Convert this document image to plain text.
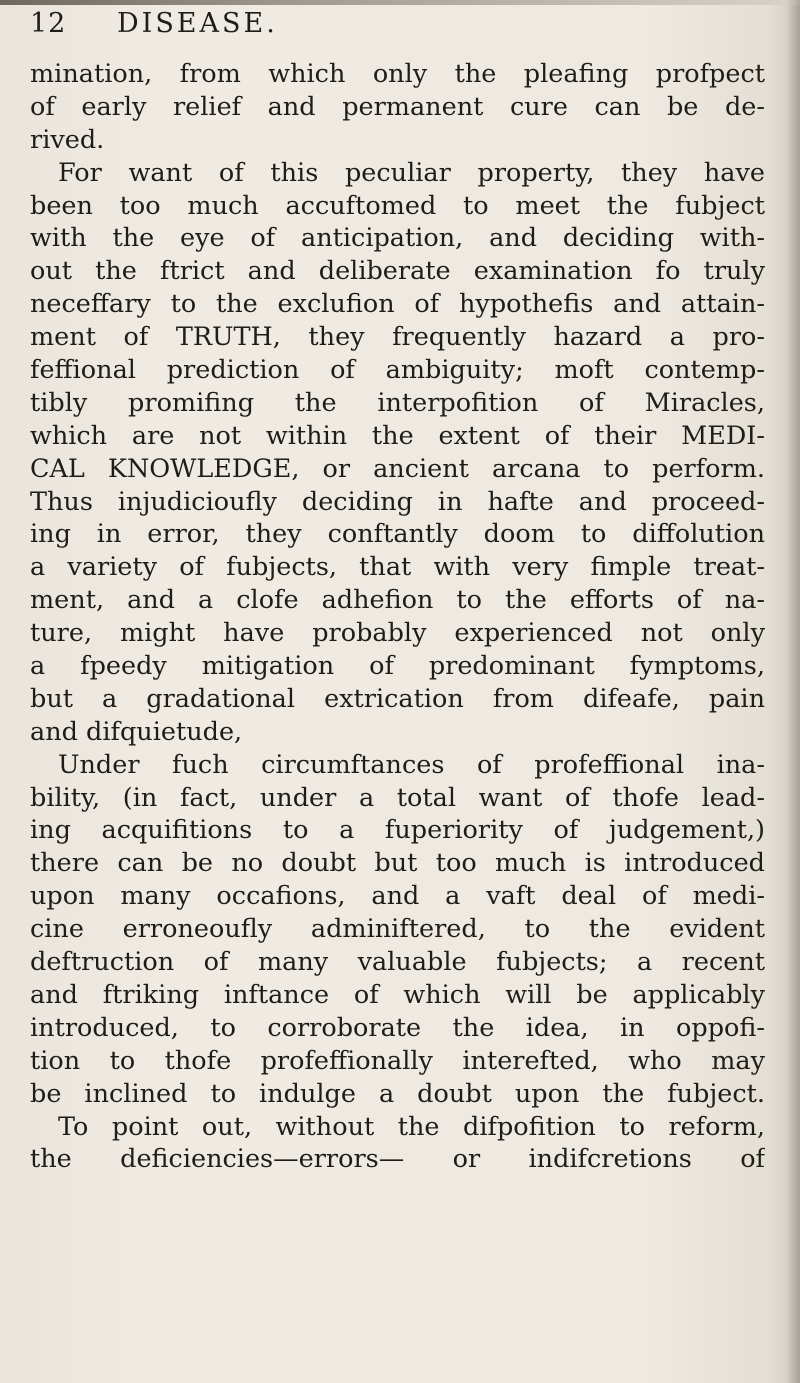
12 DISEASE.
mination, from which only the pleafing profpect
of early relief and permanent cure can be de-
rived.
For want of this peculiar property, they have
been too much accuftomed to meet the fubject
with the eye of anticipation, and deciding with-
out the ftrict and deliberate examination fo truly
neceffary to the exclufion of hypothefis and attain-
ment of TRUTH, they frequently hazard a pro-
feffional prediction of ambiguity; moft contemp-
tibly promifing the interpofition of Miracles,
which are not within the extent of their MEDI-
CAL KNOWLEDGE, or ancient arcana to perform.
Thus injudicioufly deciding in hafte and proceed-
ing in error, they conftantly doom to diffolution
a variety of fubjects, that with very fimple treat-
ment, and a clofe adhefion to the efforts of na-
ture, might have probably experienced not only
a fpeedy mitigation of predominant fymptoms,
but a gradational extrication from difeafe, pain
and difquietude,
Under fuch circumftances of profeffional ina-
bility, (in fact, under a total want of thofe lead-
ing acquifitions to a fuperiority of judgement,)
there can be no doubt but too much is introduced
upon many occafions, and a vaft deal of medi-
cine erroneoufly adminiftered, to the evident
deftruction of many valuable fubjects; a recent
and ftriking inftance of which will be applicably
introduced, to corroborate the idea, in oppofi-
tion to thofe profeffionally interefted, who may
be inclined to indulge a doubt upon the fubject.
To point out, without the difpofition to reform,
the deficiencies—errors— or indifcretions of
